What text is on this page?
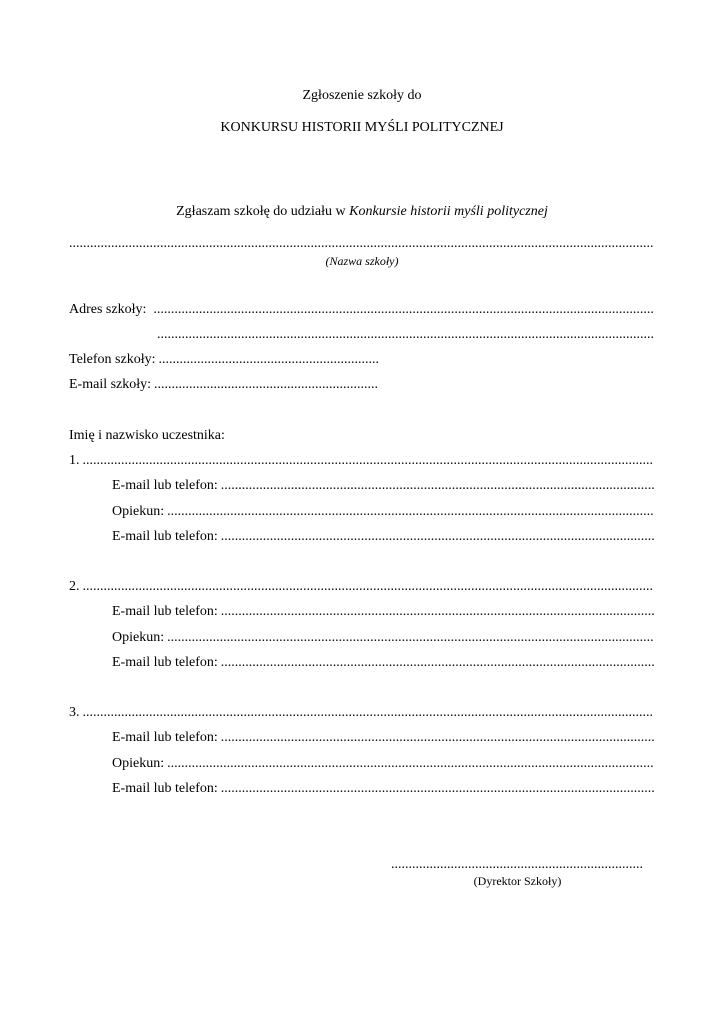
Zgłoszenie szkoły do
KONKURSU HISTORII MYŚLI POLITYCZNEJ
Zgłaszam szkołę do udziału w Konkursie historii myśli politycznej
.....
(Nazwa szkoły)
Adres szkoły:
.....
.....
Telefon szkoły:
.....
E-mail szkoły:
.....
Imię i nazwisko uczestnika:
1.
.....
E-mail lub telefon:
.....
Opiekun:
.....
E-mail lub telefon:
.....
2.
.....
E-mail lub telefon:
.....
Opiekun:
.....
E-mail lub telefon:
.....
3.
.....
E-mail lub telefon:
.....
Opiekun:
.....
E-mail lub telefon:
.....
.....
(Dyrektor Szkoły)
